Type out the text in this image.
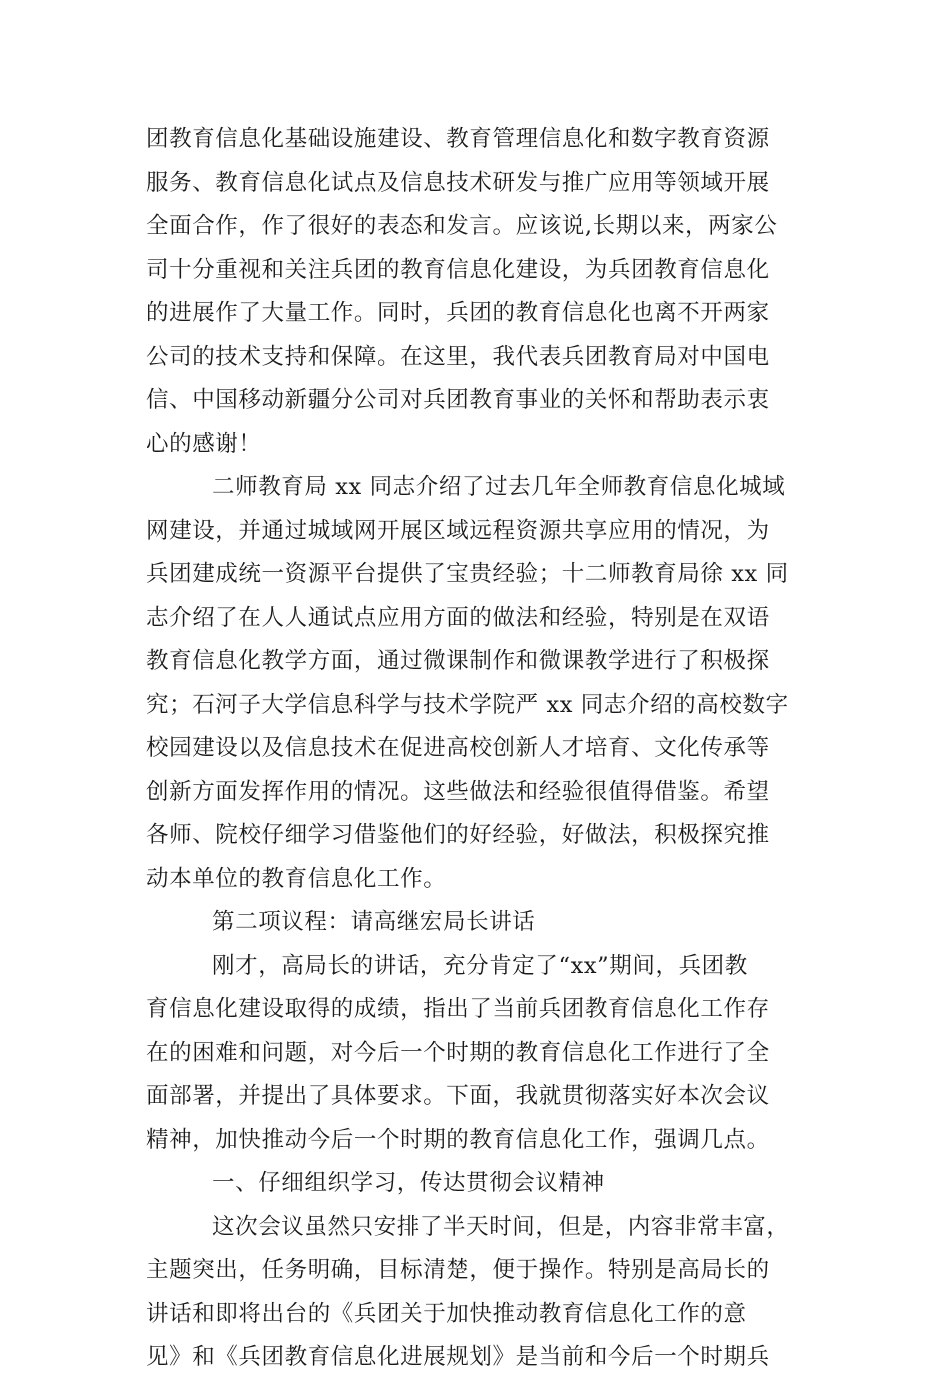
团教育信息化基础设施建设、教育管理信息化和数字教育资源
服务、教育信息化试点及信息技术研发与推广应用等领域开展
全面合作，作了很好的表态和发言。应该说,长期以来，两家公
司十分重视和关注兵团的教育信息化建设，为兵团教育信息化
的进展作了大量工作。同时，兵团的教育信息化也离不开两家
公司的技术支持和保障。在这里，我代表兵团教育局对中国电
信、中国移动新疆分公司对兵团教育事业的关怀和帮助表示衷
心的感谢！
二师教育局 xx 同志介绍了过去几年全师教育信息化城域
网建设，并通过城域网开展区域远程资源共享应用的情况，为
兵团建成统一资源平台提供了宝贵经验；十二师教育局徐 xx 同
志介绍了在人人通试点应用方面的做法和经验，特别是在双语
教育信息化教学方面，通过微课制作和微课教学进行了积极探
究；石河子大学信息科学与技术学院严 xx 同志介绍的高校数字
校园建设以及信息技术在促进高校创新人才培育、文化传承等
创新方面发挥作用的情况。这些做法和经验很值得借鉴。希望
各师、院校仔细学习借鉴他们的好经验，好做法，积极探究推
动本单位的教育信息化工作。
第二项议程：请高继宏局长讲话
刚才，高局长的讲话，充分肯定了“xx”期间，兵团教
育信息化建设取得的成绩，指出了当前兵团教育信息化工作存
在的困难和问题，对今后一个时期的教育信息化工作进行了全
面部署，并提出了具体要求。下面，我就贯彻落实好本次会议
精神，加快推动今后一个时期的教育信息化工作，强调几点。
一、仔细组织学习，传达贯彻会议精神
这次会议虽然只安排了半天时间，但是，内容非常丰富，
主题突出，任务明确，目标清楚，便于操作。特别是高局长的
讲话和即将出台的《兵团关于加快推动教育信息化工作的意
见》和《兵团教育信息化进展规划》是当前和今后一个时期兵
